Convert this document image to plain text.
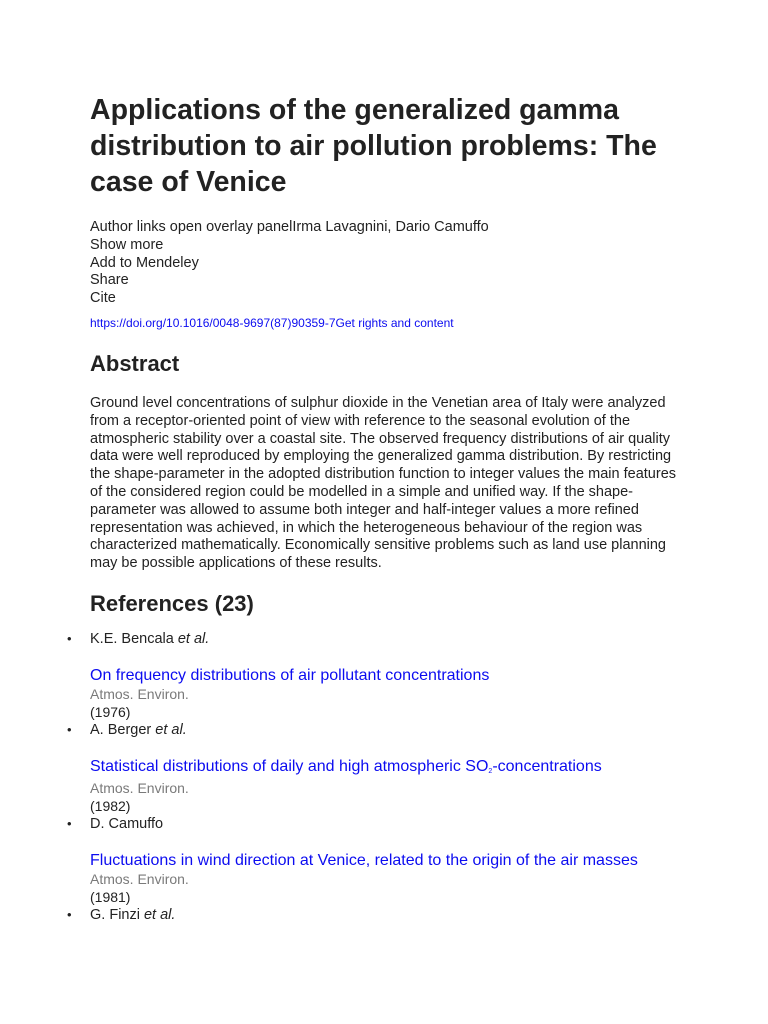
Applications of the generalized gamma distribution to air pollution problems: The case of Venice
Author links open overlay panelIrma Lavagnini, Dario Camuffo
Show more
Add to Mendeley
Share
Cite
https://doi.org/10.1016/0048-9697(87)90359-7Get rights and content
Abstract
Ground level concentrations of sulphur dioxide in the Venetian area of Italy were analyzed from a receptor-oriented point of view with reference to the seasonal evolution of the atmospheric stability over a coastal site. The observed frequency distributions of air quality data were well reproduced by employing the generalized gamma distribution. By restricting the shape-parameter in the adopted distribution function to integer values the main features of the considered region could be modelled in a simple and unified way. If the shape-parameter was allowed to assume both integer and half-integer values a more refined representation was achieved, in which the heterogeneous behaviour of the region was characterized mathematically. Economically sensitive problems such as land use planning may be possible applications of these results.
References (23)
• K.E. Bencala et al.
On frequency distributions of air pollutant concentrations
Atmos. Environ.
(1976)
• A. Berger et al.
Statistical distributions of daily and high atmospheric $SO_2$-concentrations
Atmos. Environ.
(1982)
• D. Camuffo
Fluctuations in wind direction at Venice, related to the origin of the air masses
Atmos. Environ.
(1981)
• G. Finzi et al.
